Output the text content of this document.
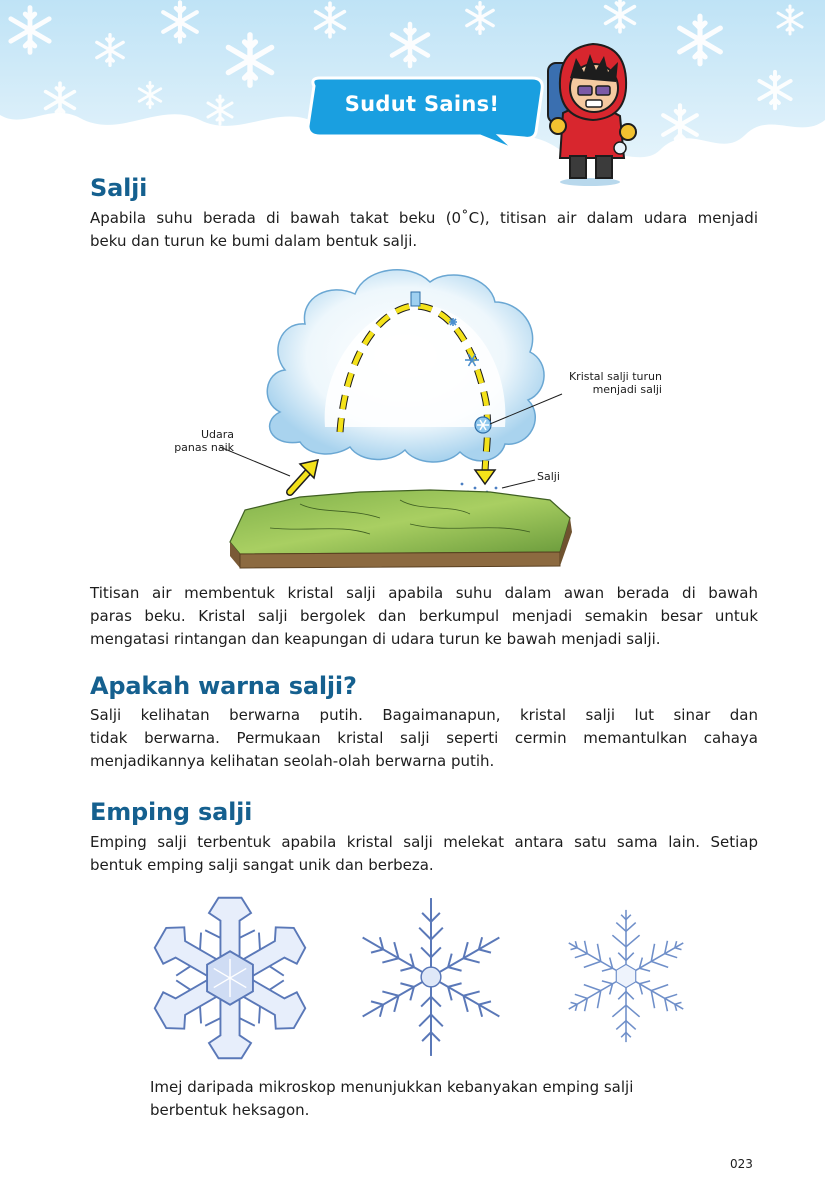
Sudut Sains!
Salji

Apabila suhu berada di bawah takat beku (0˚C), titisan air dalam udara menjadi
beku dan turun ke bumi dalam bentuk salji.

Udara
panas naik
Kristal salji turun
menjadi salji
Salji

Titisan air membentuk kristal salji apabila suhu dalam awan berada di bawah
paras beku. Kristal salji bergolek dan berkumpul menjadi semakin besar untuk
mengatasi rintangan dan keapungan di udara turun ke bawah menjadi salji.

Apakah warna salji?

Salji kelihatan berwarna putih. Bagaimanapun, kristal salji lut sinar dan
tidak berwarna. Permukaan kristal salji seperti cermin memantulkan cahaya
menjadikannya kelihatan seolah-olah berwarna putih.

Emping salji

Emping salji terbentuk apabila kristal salji melekat antara satu sama lain. Setiap
bentuk emping salji sangat unik dan berbeza.

Imej daripada mikroskop menunjukkan kebanyakan emping salji
berbentuk heksagon.

023
